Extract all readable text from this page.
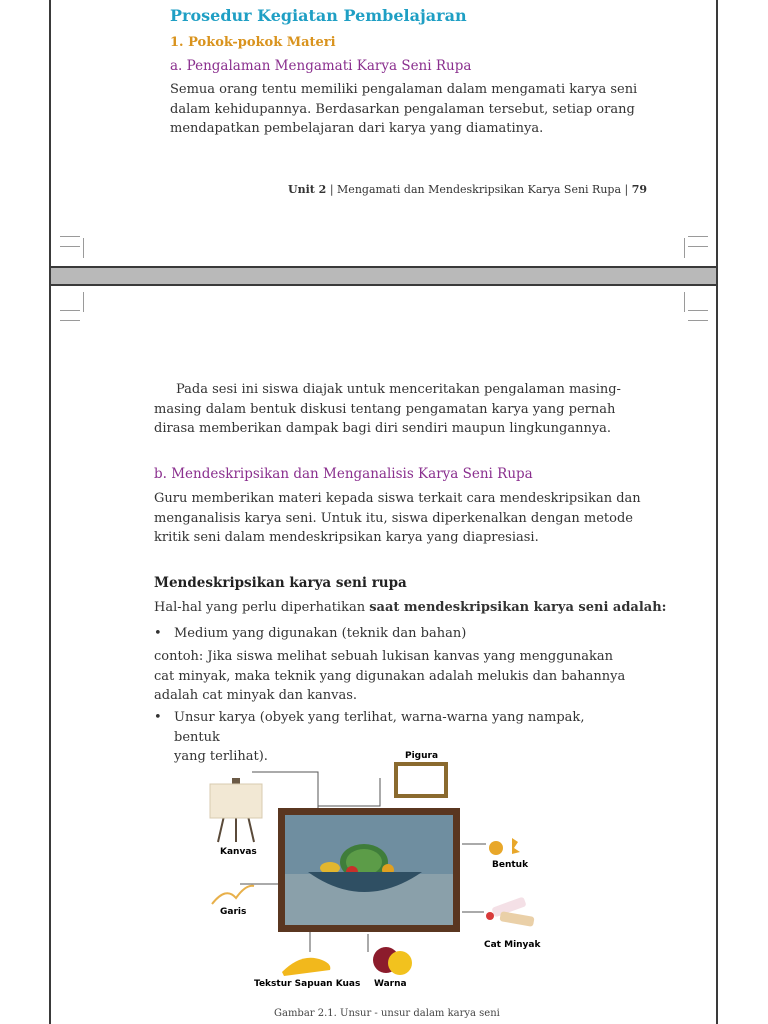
Prosedur Kegiatan Pembelajaran
1. Pokok-pokok Materi
a. Pengalaman Mengamati Karya Seni Rupa
Semua orang tentu memiliki pengalaman dalam mengamati karya seni
dalam kehidupannya. Berdasarkan pengalaman tersebut, setiap orang
mendapatkan pembelajaran dari karya yang diamatinya.
Unit 2 | Mengamati dan Mendeskripsikan Karya Seni Rupa | 79
Pada sesi ini siswa diajak untuk menceritakan pengalaman masing-
masing dalam bentuk diskusi tentang pengamatan karya yang pernah
dirasa memberikan dampak bagi diri sendiri maupun lingkungannya.
b. Mendeskripsikan dan Menganalisis Karya Seni Rupa
Guru memberikan materi kepada siswa terkait cara mendeskripsikan dan
menganalisis karya seni. Untuk itu, siswa diperkenalkan dengan metode
kritik seni dalam mendeskripsikan karya yang diapresiasi.
Mendeskripsikan karya seni rupa
Hal-hal yang perlu diperhatikan saat mendeskripsikan karya seni adalah:
• Medium yang digunakan (teknik dan bahan)
contoh: Jika siswa melihat sebuah lukisan kanvas yang menggunakan
cat minyak, maka teknik yang digunakan adalah melukis dan bahannya
adalah cat minyak dan kanvas.
• Unsur karya (obyek yang terlihat, warna-warna yang nampak, bentuk
yang terlihat).	Pigura
Kanvas
Bentuk
Garis
Cat Minyak
Tekstur Sapuan Kuas Warna
Gambar 2.1. Unsur - unsur dalam karya seni
